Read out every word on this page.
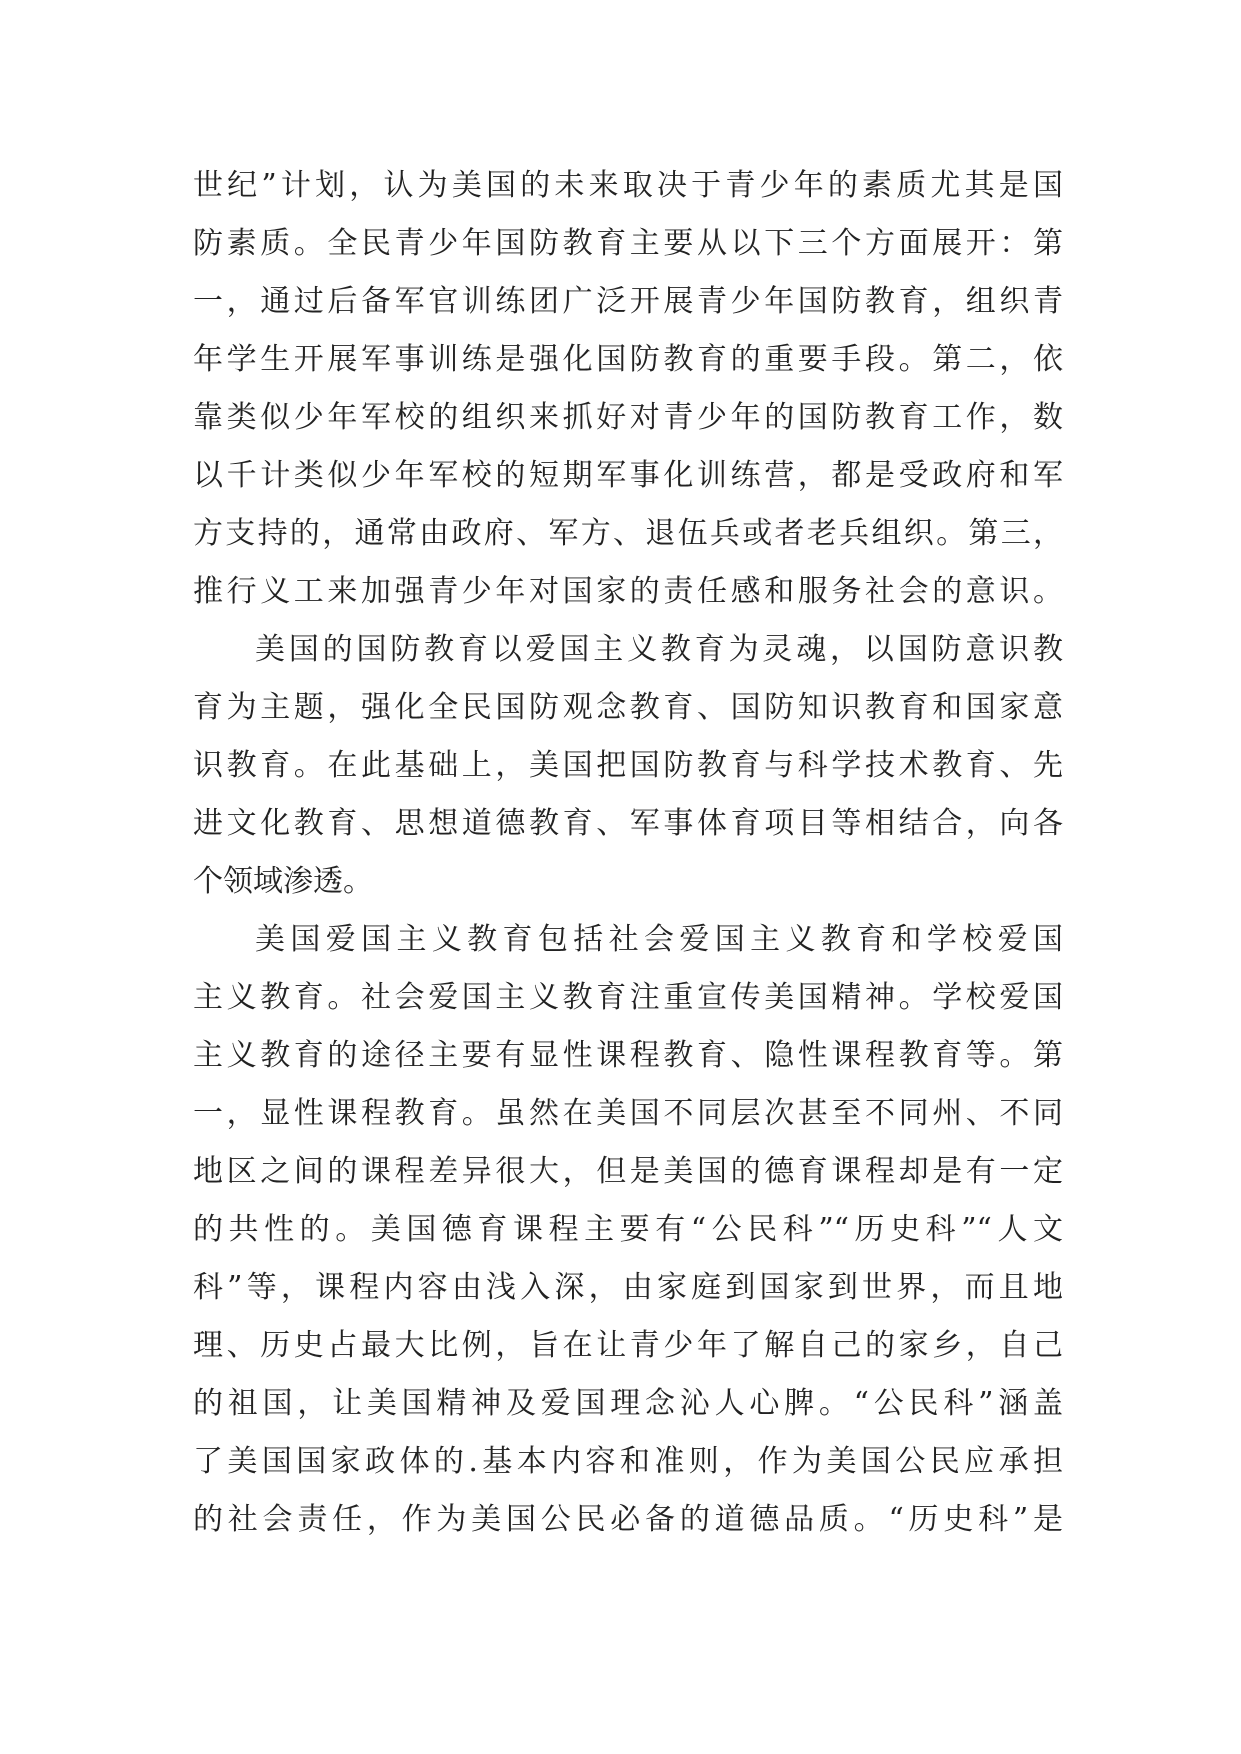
世纪”计划，认为美国的未来取决于青少年的素质尤其是国
防素质。全民青少年国防教育主要从以下三个方面展开：第
一，通过后备军官训练团广泛开展青少年国防教育，组织青
年学生开展军事训练是强化国防教育的重要手段。第二，依
靠类似少年军校的组织来抓好对青少年的国防教育工作，数
以千计类似少年军校的短期军事化训练营，都是受政府和军
方支持的，通常由政府、军方、退伍兵或者老兵组织。第三，
推行义工来加强青少年对国家的责任感和服务社会的意识。
美国的国防教育以爱国主义教育为灵魂，以国防意识教
育为主题，强化全民国防观念教育、国防知识教育和国家意
识教育。在此基础上，美国把国防教育与科学技术教育、先
进文化教育、思想道德教育、军事体育项目等相结合，向各
个领域渗透。
美国爱国主义教育包括社会爱国主义教育和学校爱国
主义教育。社会爱国主义教育注重宣传美国精神。学校爱国
主义教育的途径主要有显性课程教育、隐性课程教育等。第
一，显性课程教育。虽然在美国不同层次甚至不同州、不同
地区之间的课程差异很大，但是美国的德育课程却是有一定
的共性的。美国德育课程主要有“公民科”“历史科”“人文
科”等，课程内容由浅入深，由家庭到国家到世界，而且地
理、历史占最大比例，旨在让青少年了解自己的家乡，自己
的祖国，让美国精神及爱国理念沁人心脾。“公民科”涵盖
了美国国家政体的.基本内容和准则，作为美国公民应承担
的社会责任，作为美国公民必备的道德品质。“历史科”是
